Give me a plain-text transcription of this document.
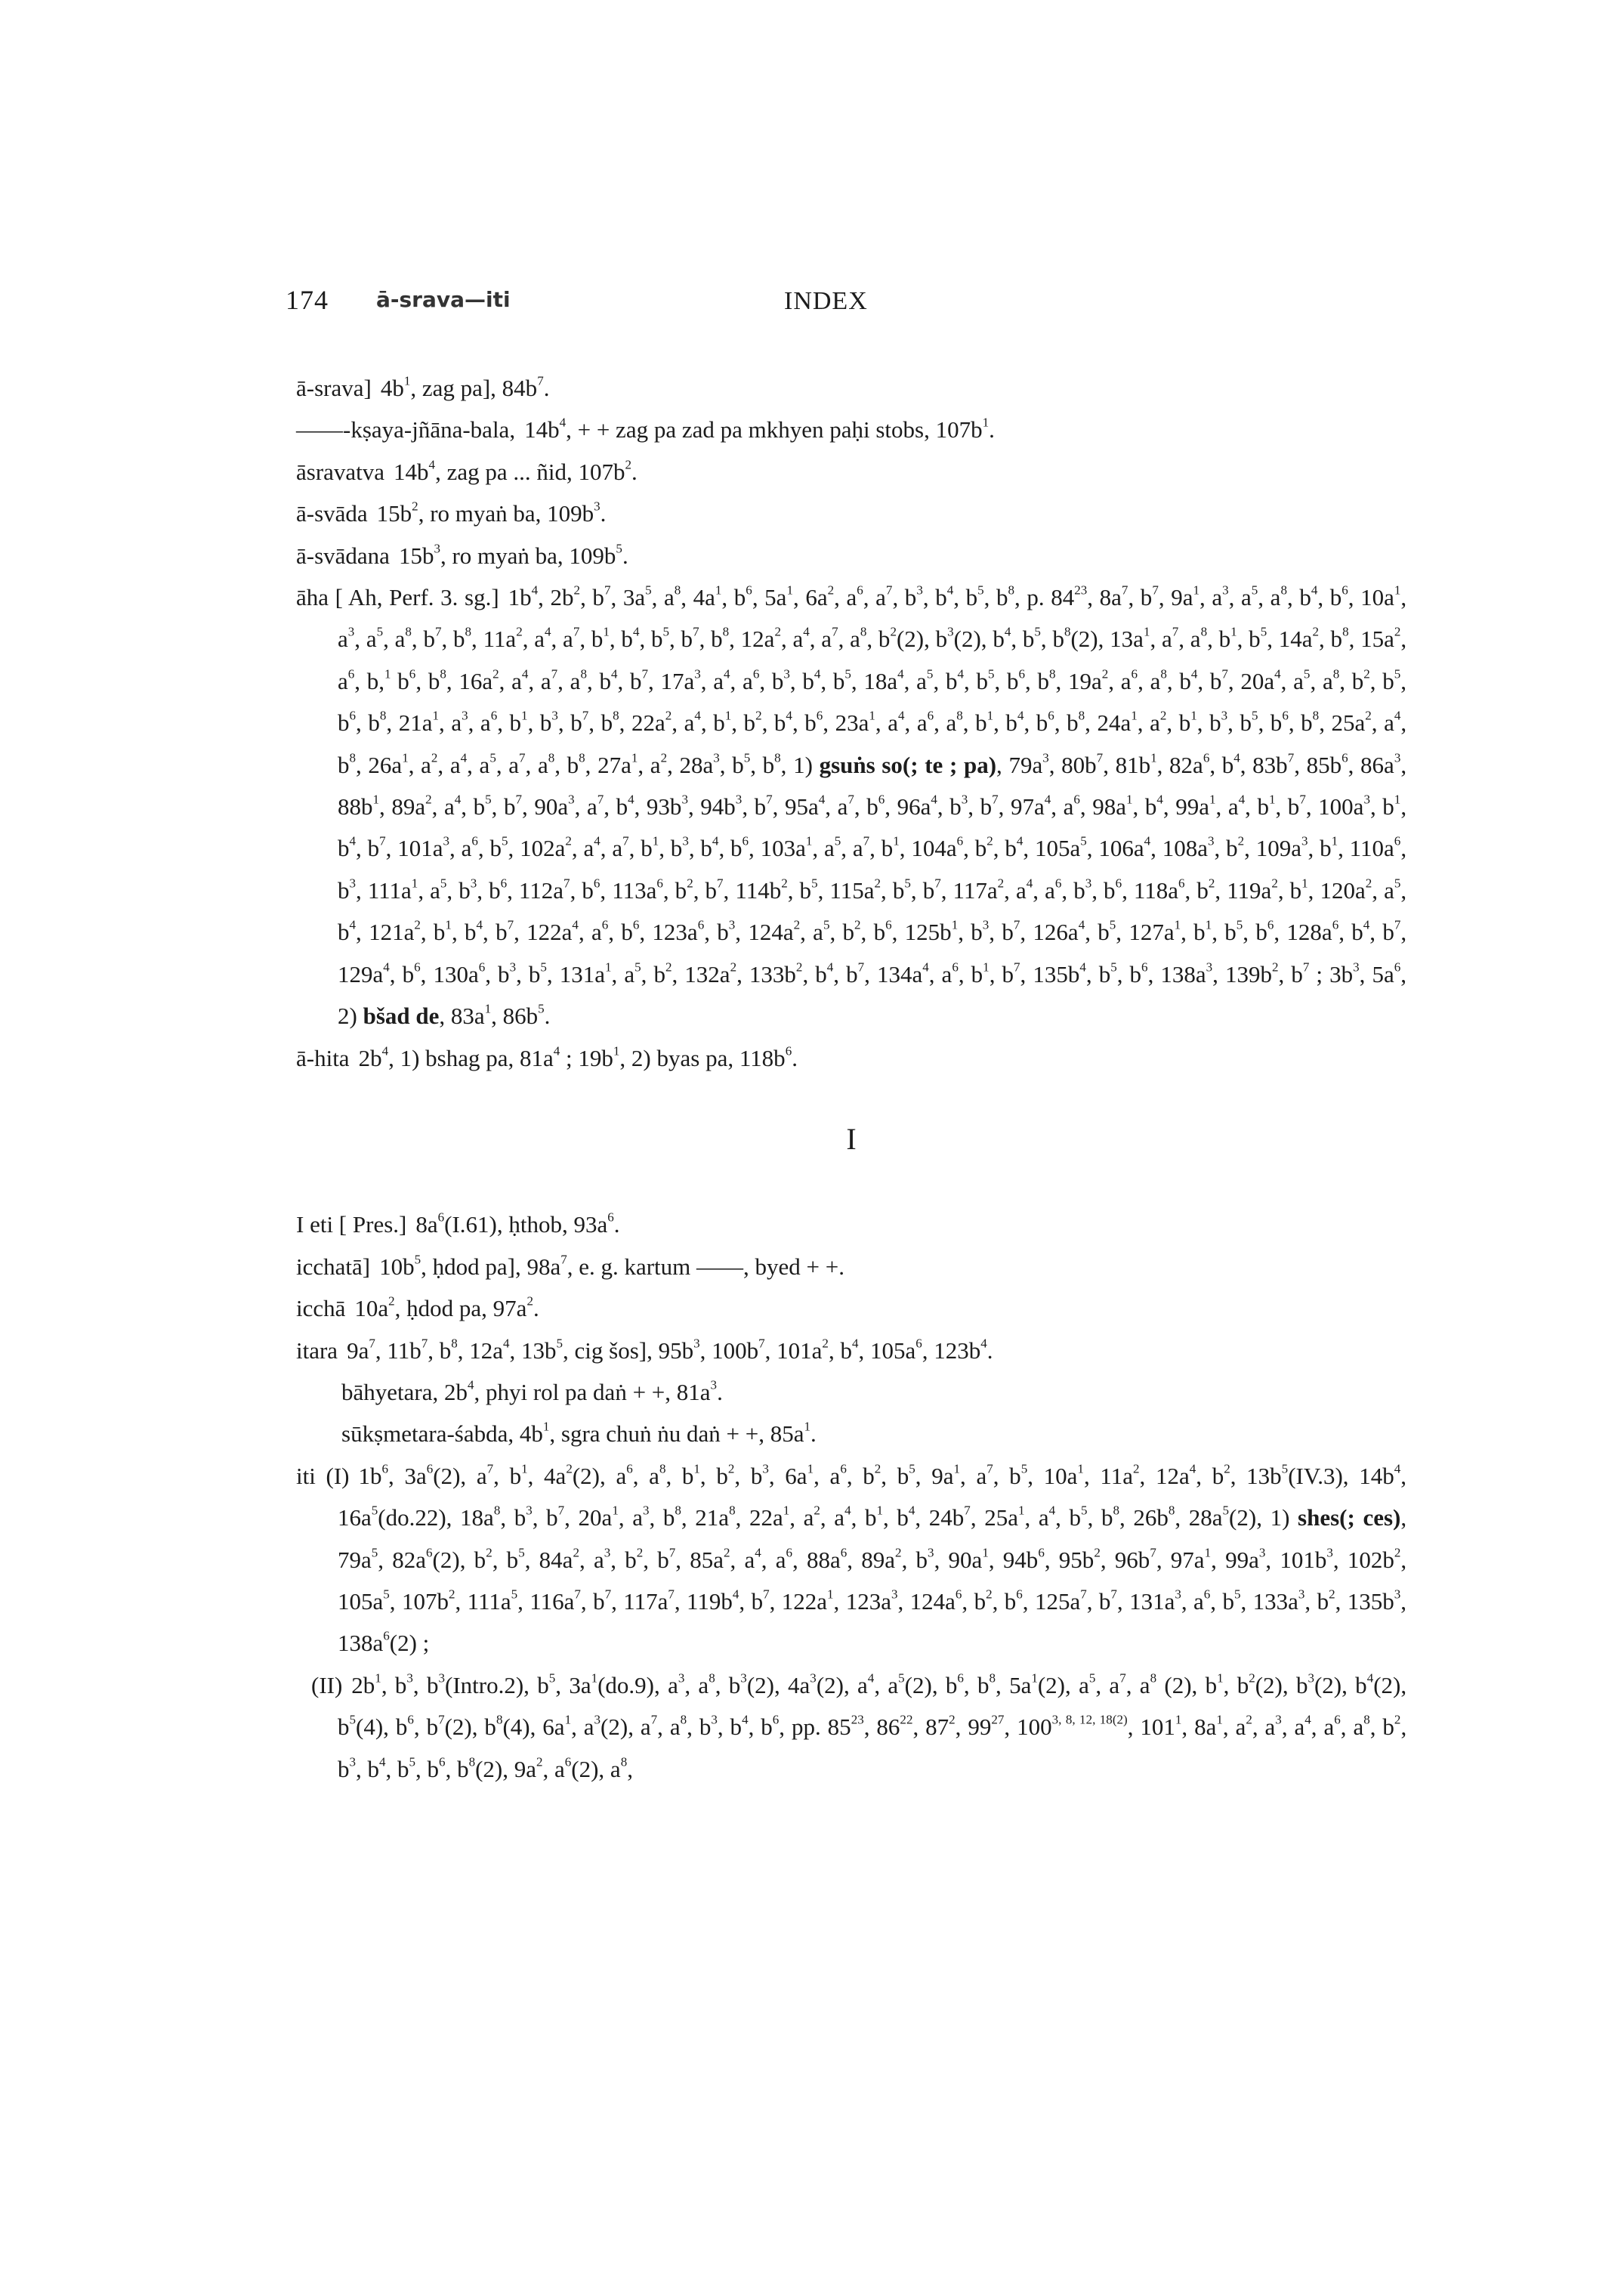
174 ā-srava—iti	INDEX

ā-srava] $4b^1$, zag pa], $84b^7$.

——-kṣaya-jñāna-bala, $14b^4$, + + zag pa zad pa mkhyen paḥi stobs, $107b^1$.

āsravatva $14b^4$, zag pa ... ñid, $107b^2$.

ā-svāda $15b^2$, ro myaṅ ba, $109b^3$.

ā-svādana $15b^3$, ro myaṅ ba, $109b^5$.

āha [ Ah, Perf. 3. sg.] $1b^4$, $2b^2$, $b^7$, $3a^5$, $a^8$, $4a^1$, $b^6$, $5a^1$, $6a^2$, $a^6$, $a^7$, $b^3$, $b^4$, $b^5$, $b^8$, p. $84^{23}$, $8a^7$, $b^7$, $9a^1$, $a^3$, $a^5$, $a^8$, $b^4$, $b^6$, $10a^1$, $a^3$, $a^5$, $a^8$, $b^7$, $b^8$, $11a^2$, $a^4$, $a^7$, $b^1$, $b^4$, $b^5$, $b^7$, $b^8$, $12a^2$, $a^4$, $a^7$, $a^8$, $b^2(2)$, $b^3(2)$, $b^4$, $b^5$, $b^8(2)$, $13a^1$, $a^7$, $a^8$, $b^1$, $b^5$, $14a^2$, $b^8$, $15a^2$, $a^6$, b,$^1$ $b^6$, $b^8$, $16a^2$, $a^4$, $a^7$, $a^8$, $b^4$, $b^7$, $17a^3$, $a^4$, $a^6$, $b^3$, $b^4$, $b^5$, $18a^4$, $a^5$, $b^4$, $b^5$, $b^6$, $b^8$, $19a^2$, $a^6$, $a^8$, $b^4$, $b^7$, $20a^4$, $a^5$, $a^8$, $b^2$, $b^5$, $b^6$, $b^8$, $21a^1$, $a^3$, $a^6$, $b^1$, $b^3$, $b^7$, $b^8$, $22a^2$, $a^4$, $b^1$, $b^2$, $b^4$, $b^6$, $23a^1$, $a^4$, $a^6$, $a^8$, $b^1$, $b^4$, $b^6$, $b^8$, $24a^1$, $a^2$, $b^1$, $b^3$, $b^5$, $b^6$, $b^8$, $25a^2$, $a^4$, $b^8$, $26a^1$, $a^2$, $a^4$, $a^5$, $a^7$, $a^8$, $b^8$, $27a^1$, $a^2$, $28a^3$, $b^5$, $b^8$, 1) gsuṅs so(; te ; pa), $79a^3$, $80b^7$, $81b^1$, $82a^6$, $b^4$, $83b^7$, $85b^6$, $86a^3$, $88b^1$, $89a^2$, $a^4$, $b^5$, $b^7$, $90a^3$, $a^7$, $b^4$, $93b^3$, $94b^3$, $b^7$, $95a^4$, $a^7$, $b^6$, $96a^4$, $b^3$, $b^7$, $97a^4$, $a^6$, $98a^1$, $b^4$, $99a^1$, $a^4$, $b^1$, $b^7$, $100a^3$, $b^1$, $b^4$, $b^7$, $101a^3$, $a^6$, $b^5$, $102a^2$, $a^4$, $a^7$, $b^1$, $b^3$, $b^4$, $b^6$, $103a^1$, $a^5$, $a^7$, $b^1$, $104a^6$, $b^2$, $b^4$, $105a^5$, $106a^4$, $108a^3$, $b^2$, $109a^3$, $b^1$, $110a^6$, $b^3$, $111a^1$, $a^5$, $b^3$, $b^6$, $112a^7$, $b^6$, $113a^6$, $b^2$, $b^7$, $114b^2$, $b^5$, $115a^2$, $b^5$, $b^7$, $117a^2$, $a^4$, $a^6$, $b^3$, $b^6$, $118a^6$, $b^2$, $119a^2$, $b^1$, $120a^2$, $a^5$, $b^4$, $121a^2$, $b^1$, $b^4$, $b^7$, $122a^4$, $a^6$, $b^6$, $123a^6$, $b^3$, $124a^2$, $a^5$, $b^2$, $b^6$, $125b^1$, $b^3$, $b^7$, $126a^4$, $b^5$, $127a^1$, $b^1$, $b^5$, $b^6$, $128a^6$, $b^4$, $b^7$, $129a^4$, $b^6$, $130a^6$, $b^3$, $b^5$, $131a^1$, $a^5$, $b^2$, $132a^2$, $133b^2$, $b^4$, $b^7$, $134a^4$, $a^6$, $b^1$, $b^7$, $135b^4$, $b^5$, $b^6$, $138a^3$, $139b^2$, $b^7$ ; $3b^3$, $5a^6$, 2) bšad de, $83a^1$, $86b^5$.

ā-hita $2b^4$, 1) bshag pa, $81a^4$ ; $19b^1$, 2) byas pa, $118b^6$.

I

I eti [ Pres.] $8a^6(I.61)$, ḥthob, $93a^6$.

icchatā] $10b^5$, ḥdod pa], $98a^7$, e. g. kartum ——, byed + +.

icchā $10a^2$, ḥdod pa, $97a^2$.

itara $9a^7$, $11b^7$, $b^8$, $12a^4$, $13b^5$, cig šos], $95b^3$, $100b^7$, $101a^2$, $b^4$, $105a^6$, $123b^4$.

bāhyetara, $2b^4$, phyi rol pa daṅ + +, $81a^3$.

sūkṣmetara-śabda, $4b^1$, sgra chuṅ ṅu daṅ + +, $85a^1$.

iti (I) $1b^6$, $3a^6(2)$, $a^7$, $b^1$, $4a^2(2)$, $a^6$, $a^8$, $b^1$, $b^2$, $b^3$, $6a^1$, $a^6$, $b^2$, $b^5$, $9a^1$, $a^7$, $b^5$, $10a^1$, $11a^2$, $12a^4$, $b^2$, $13b^5(IV.3)$, $14b^4$, $16a^5(do.22)$, $18a^8$, $b^3$, $b^7$, $20a^1$, $a^3$, $b^8$, $21a^8$, $22a^1$, $a^2$, $a^4$, $b^1$, $b^4$, $24b^7$, $25a^1$, $a^4$, $b^5$, $b^8$, $26b^8$, $28a^5(2)$, 1) shes(; ces), $79a^5$, $82a^6(2)$, $b^2$, $b^5$, $84a^2$, $a^3$, $b^2$, $b^7$, $85a^2$, $a^4$, $a^6$, $88a^6$, $89a^2$, $b^3$, $90a^1$, $94b^6$, $95b^2$, $96b^7$, $97a^1$, $99a^3$, $101b^3$, $102b^2$, $105a^5$, $107b^2$, $111a^5$, $116a^7$, $b^7$, $117a^7$, $119b^4$, $b^7$, $122a^1$, $123a^3$, $124a^6$, $b^2$, $b^6$, $125a^7$, $b^7$, $131a^3$, $a^6$, $b^5$, $133a^3$, $b^2$, $135b^3$, $138a^6(2)$ ;

(II) $2b^1$, $b^3$, $b^3(Intro.2)$, $b^5$, $3a^1(do.9)$, $a^3$, $a^8$, $b^3(2)$, $4a^3(2)$, $a^4$, $a^5(2)$, $b^6$, $b^8$, $5a^1(2)$, $a^5$, $a^7$, $a^8$ (2), $b^1$, $b^2(2)$, $b^3(2)$, $b^4(2)$, $b^5(4)$, $b^6$, $b^7(2)$, $b^8(4)$, $6a^1$, $a^3(2)$, $a^7$, $a^8$, $b^3$, $b^4$, $b^6$, pp. $85^{23}$, $86^{22}$, $87^2$, $99^{27}$, $100^{3, 8, 12, 18(2)}$, $101^1$, $8a^1$, $a^2$, $a^3$, $a^4$, $a^6$, $a^8$, $b^2$, $b^3$, $b^4$, $b^5$, $b^6$, $b^8(2)$, $9a^2$, $a^6(2)$, $a^8$,
